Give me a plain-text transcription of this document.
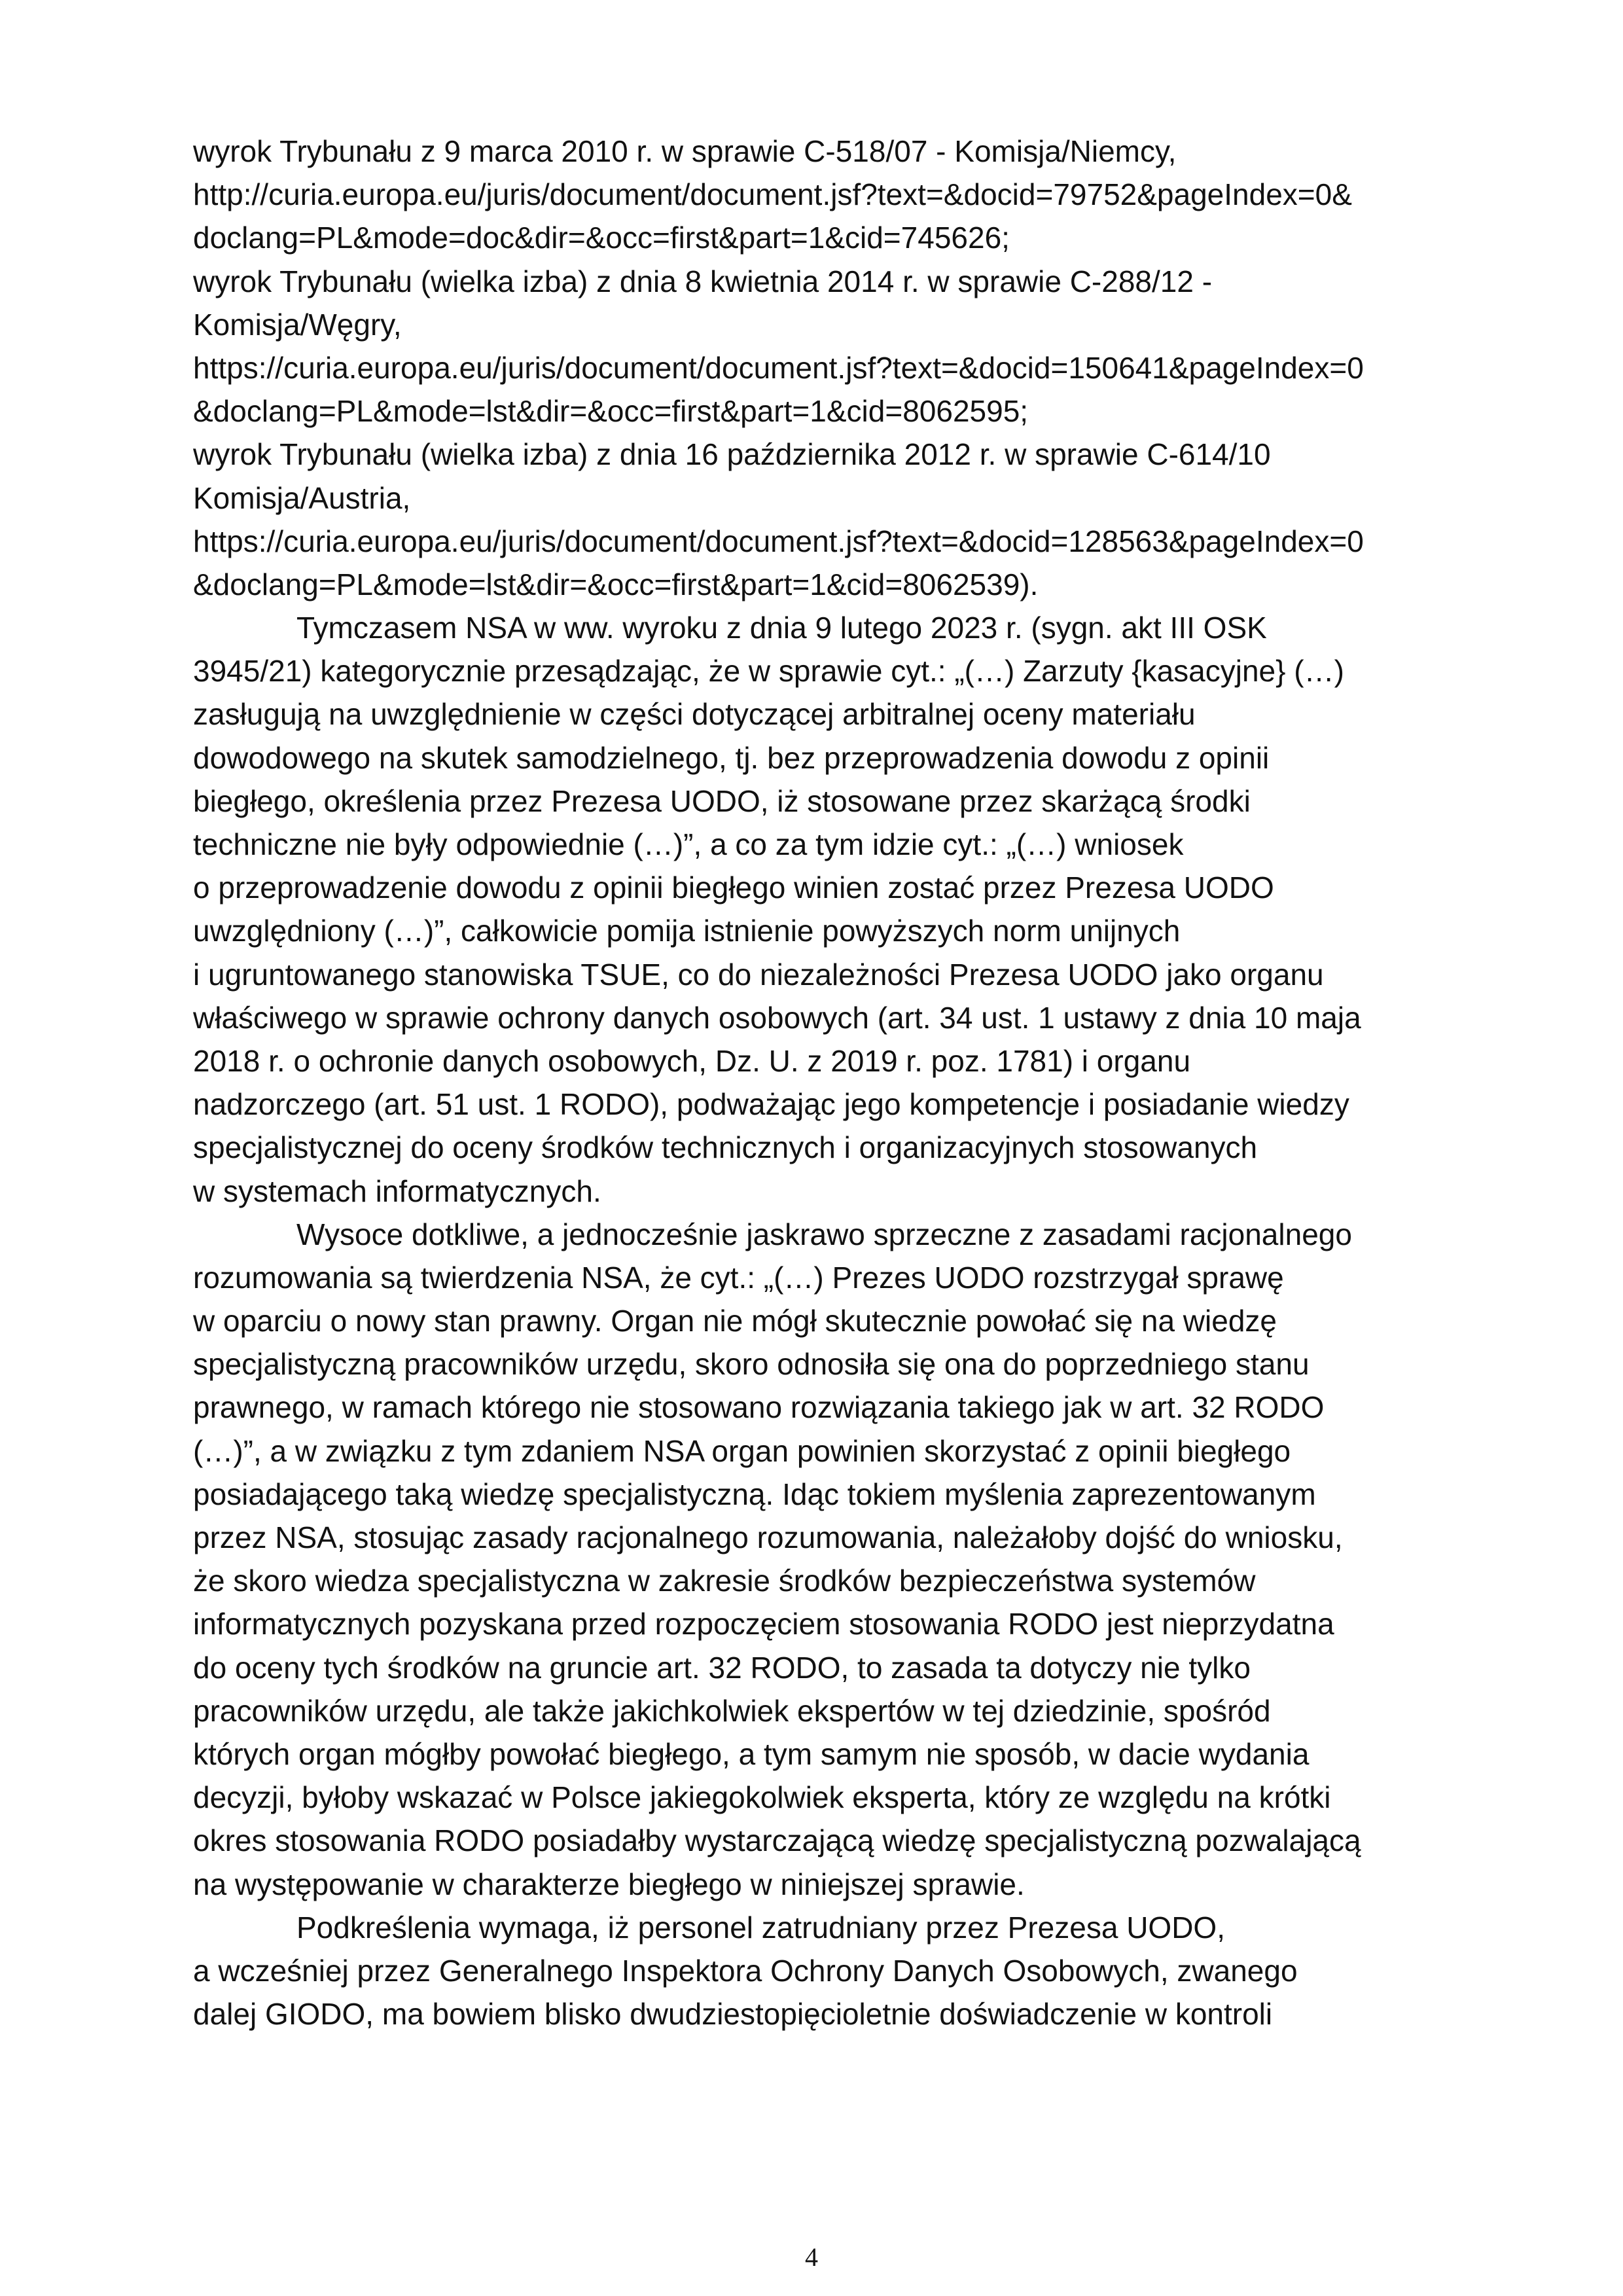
wyrok Trybunału z 9 marca 2010 r. w sprawie C-518/07 - Komisja/Niemcy,
http://curia.europa.eu/juris/document/document.jsf?text=&docid=79752&pageIndex=0&
doclang=PL&mode=doc&dir=&occ=first&part=1&cid=745626;
wyrok Trybunału (wielka izba) z dnia 8 kwietnia 2014 r. w sprawie C-288/12 -
Komisja/Węgry,
https://curia.europa.eu/juris/document/document.jsf?text=&docid=150641&pageIndex=0
&doclang=PL&mode=lst&dir=&occ=first&part=1&cid=8062595;
wyrok Trybunału (wielka izba) z dnia 16 października 2012 r. w sprawie C-614/10
Komisja/Austria,
https://curia.europa.eu/juris/document/document.jsf?text=&docid=128563&pageIndex=0
&doclang=PL&mode=lst&dir=&occ=first&part=1&cid=8062539).
Tymczasem NSA w ww. wyroku z dnia 9 lutego 2023 r. (sygn. akt III OSK
3945/21) kategorycznie przesądzając, że w sprawie cyt.: „(…) Zarzuty {kasacyjne} (…)
zasługują na uwzględnienie w części dotyczącej arbitralnej oceny materiału
dowodowego na skutek samodzielnego, tj. bez przeprowadzenia dowodu z opinii
biegłego, określenia przez Prezesa UODO, iż stosowane przez skarżącą środki
techniczne nie były odpowiednie (…)”, a co za tym idzie cyt.: „(…) wniosek
o przeprowadzenie dowodu z opinii biegłego winien zostać przez Prezesa UODO
uwzględniony (…)”, całkowicie pomija istnienie powyższych norm unijnych
i ugruntowanego stanowiska TSUE, co do niezależności Prezesa UODO jako organu
właściwego w sprawie ochrony danych osobowych (art. 34 ust. 1 ustawy z dnia 10 maja
2018 r. o ochronie danych osobowych, Dz. U. z 2019 r. poz. 1781) i organu
nadzorczego (art. 51 ust. 1 RODO), podważając jego kompetencje i posiadanie wiedzy
specjalistycznej do oceny środków technicznych i organizacyjnych stosowanych
w systemach informatycznych.
Wysoce dotkliwe, a jednocześnie jaskrawo sprzeczne z zasadami racjonalnego
rozumowania są twierdzenia NSA, że cyt.: „(…) Prezes UODO rozstrzygał sprawę
w oparciu o nowy stan prawny. Organ nie mógł skutecznie powołać się na wiedzę
specjalistyczną pracowników urzędu, skoro odnosiła się ona do poprzedniego stanu
prawnego, w ramach którego nie stosowano rozwiązania takiego jak w art. 32 RODO
(…)”, a w związku z tym zdaniem NSA organ powinien skorzystać z opinii biegłego
posiadającego taką wiedzę specjalistyczną. Idąc tokiem myślenia zaprezentowanym
przez NSA, stosując zasady racjonalnego rozumowania, należałoby dojść do wniosku,
że skoro wiedza specjalistyczna w zakresie środków bezpieczeństwa systemów
informatycznych pozyskana przed rozpoczęciem stosowania RODO jest nieprzydatna
do oceny tych środków na gruncie art. 32 RODO, to zasada ta dotyczy nie tylko
pracowników urzędu, ale także jakichkolwiek ekspertów w tej dziedzinie, spośród
których organ mógłby powołać biegłego, a tym samym nie sposób, w dacie wydania
decyzji, byłoby wskazać w Polsce jakiegokolwiek eksperta, który ze względu na krótki
okres stosowania RODO posiadałby wystarczającą wiedzę specjalistyczną pozwalającą
na występowanie w charakterze biegłego w niniejszej sprawie.
Podkreślenia wymaga, iż personel zatrudniany przez Prezesa UODO,
a wcześniej przez Generalnego Inspektora Ochrony Danych Osobowych, zwanego
dalej GIODO, ma bowiem blisko dwudziestopięcioletnie doświadczenie w kontroli
4
